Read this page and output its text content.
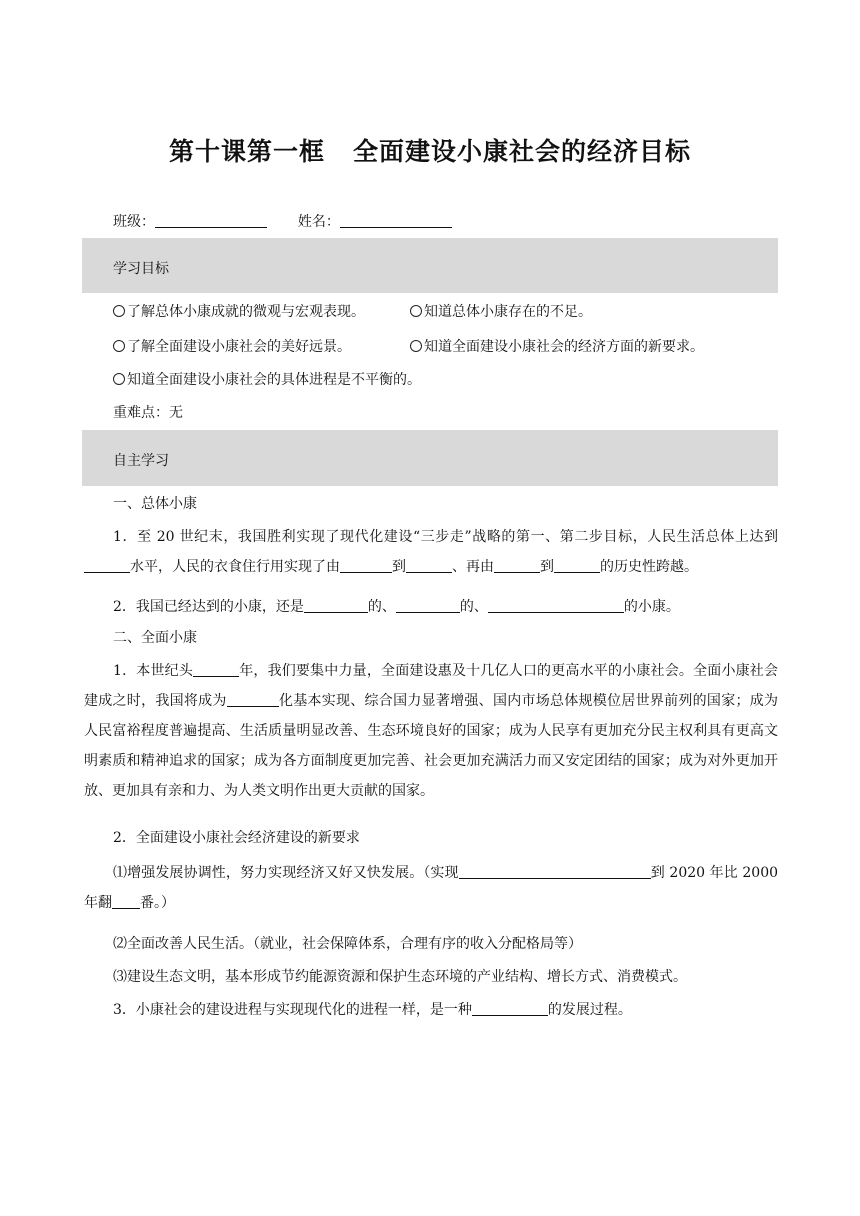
第十课第一框 全面建设小康社会的经济目标
班级：	姓名：
学习目标
了解总体小康成就的微观与宏观表现。	知道总体小康存在的不足。
了解全面建设小康社会的美好远景。	知道全面建设小康社会的经济方面的新要求。
知道全面建设小康社会的具体进程是不平衡的。
重难点：无
自主学习
一、总体小康
1．至 20 世纪末，我国胜利实现了现代化建设“三步走”战略的第一、第二步目标，人民生活总体上达到水平，人民的衣食住行用实现了由	到	、再由	到	的历史性跨越。
2．我国已经达到的小康，还是	的、	的、	的小康。
二、全面小康
1．本世纪头	年，我们要集中力量，全面建设惠及十几亿人口的更高水平的小康社会。全面小康社会建成之时，我国将成为	化基本实现、综合国力显著增强、国内市场总体规模位居世界前列的国家；成为人民富裕程度普遍提高、生活质量明显改善、生态环境良好的国家；成为人民享有更加充分民主权利具有更高文明素质和精神追求的国家；成为各方面制度更加完善、社会更加充满活力而又安定团结的国家；成为对外更加开放、更加具有亲和力、为人类文明作出更大贡献的国家。
2．全面建设小康社会经济建设的新要求
⑴增强发展协调性，努力实现经济又好又快发展。（实现	到 2020 年比 2000 年翻 番。）
⑵全面改善人民生活。（就业，社会保障体系，合理有序的收入分配格局等）
⑶建设生态文明，基本形成节约能源资源和保护生态环境的产业结构、增长方式、消费模式。
3．小康社会的建设进程与实现现代化的进程一样，是一种	的发展过程。
